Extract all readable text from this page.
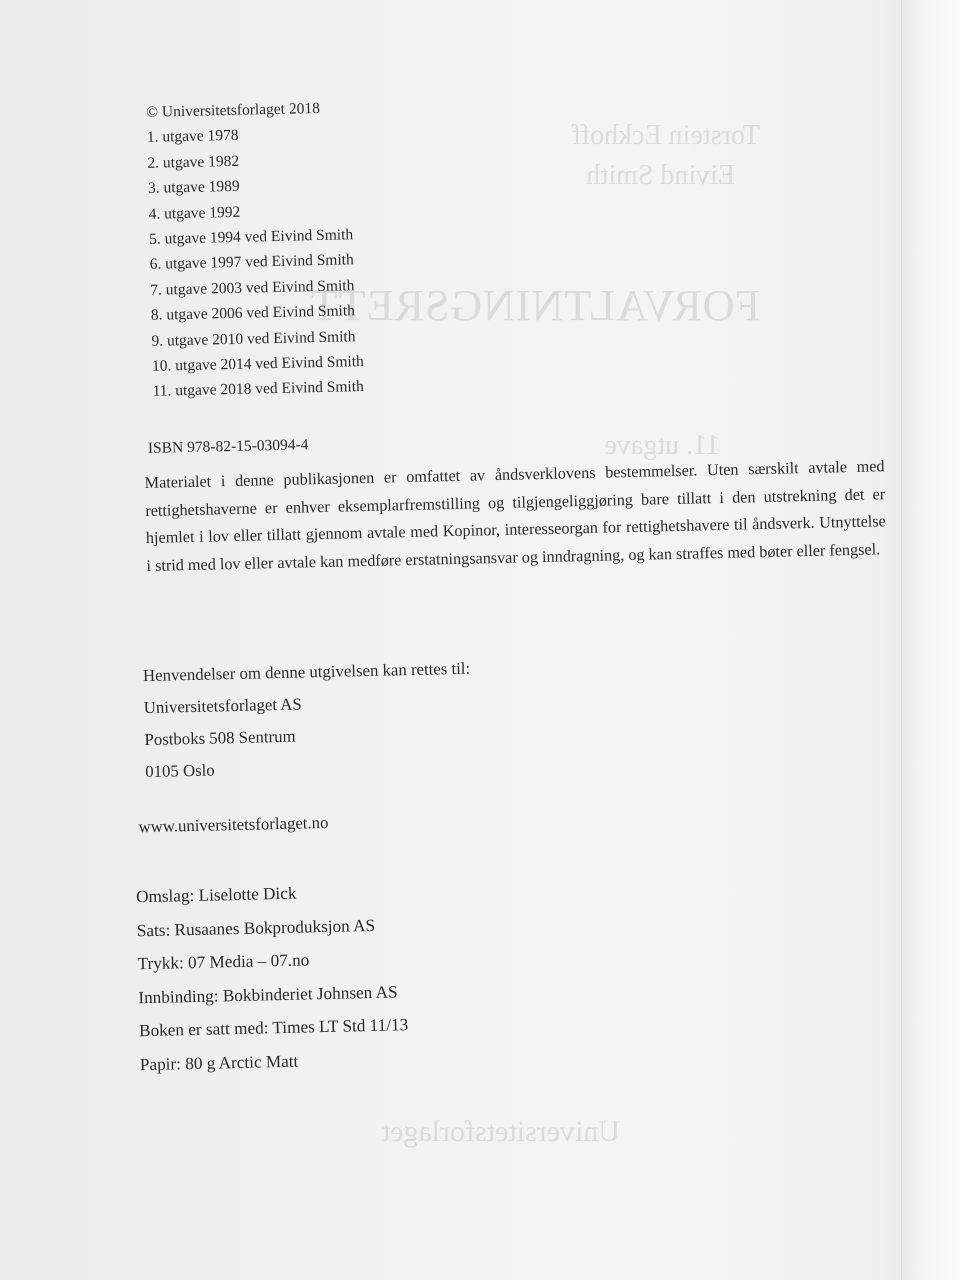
Torstein Eckhoff
Eivind Smith
FORVALTNINGSRETT
11. utgave
Universitetsforlaget
© Universitetsforlaget 2018
1. utgave 1978
2. utgave 1982
3. utgave 1989
4. utgave 1992
5. utgave 1994 ved Eivind Smith
6. utgave 1997 ved Eivind Smith
7. utgave 2003 ved Eivind Smith
8. utgave 2006 ved Eivind Smith
9. utgave 2010 ved Eivind Smith
10. utgave 2014 ved Eivind Smith
11. utgave 2018 ved Eivind Smith
ISBN 978-82-15-03094-4
Materialet i denne publikasjonen er omfattet av åndsverklovens bestemmelser. Uten særskilt avtale med rettighetshaverne er enhver eksemplarfremstilling og tilgjengeliggjøring bare tillatt i den utstrekning det er hjemlet i lov eller tillatt gjennom avtale med Kopinor, interesseorgan for rettighetshavere til åndsverk. Utnyttelse i strid med lov eller avtale kan medføre erstatningsansvar og inndragning, og kan straffes med bøter eller fengsel.
Henvendelser om denne utgivelsen kan rettes til:
Universitetsforlaget AS
Postboks 508 Sentrum
0105 Oslo
www.universitetsforlaget.no
Omslag: Liselotte Dick
Sats: Rusaanes Bokproduksjon AS
Trykk: 07 Media – 07.no
Innbinding: Bokbinderiet Johnsen AS
Boken er satt med: Times LT Std 11/13
Papir: 80 g Arctic Matt
